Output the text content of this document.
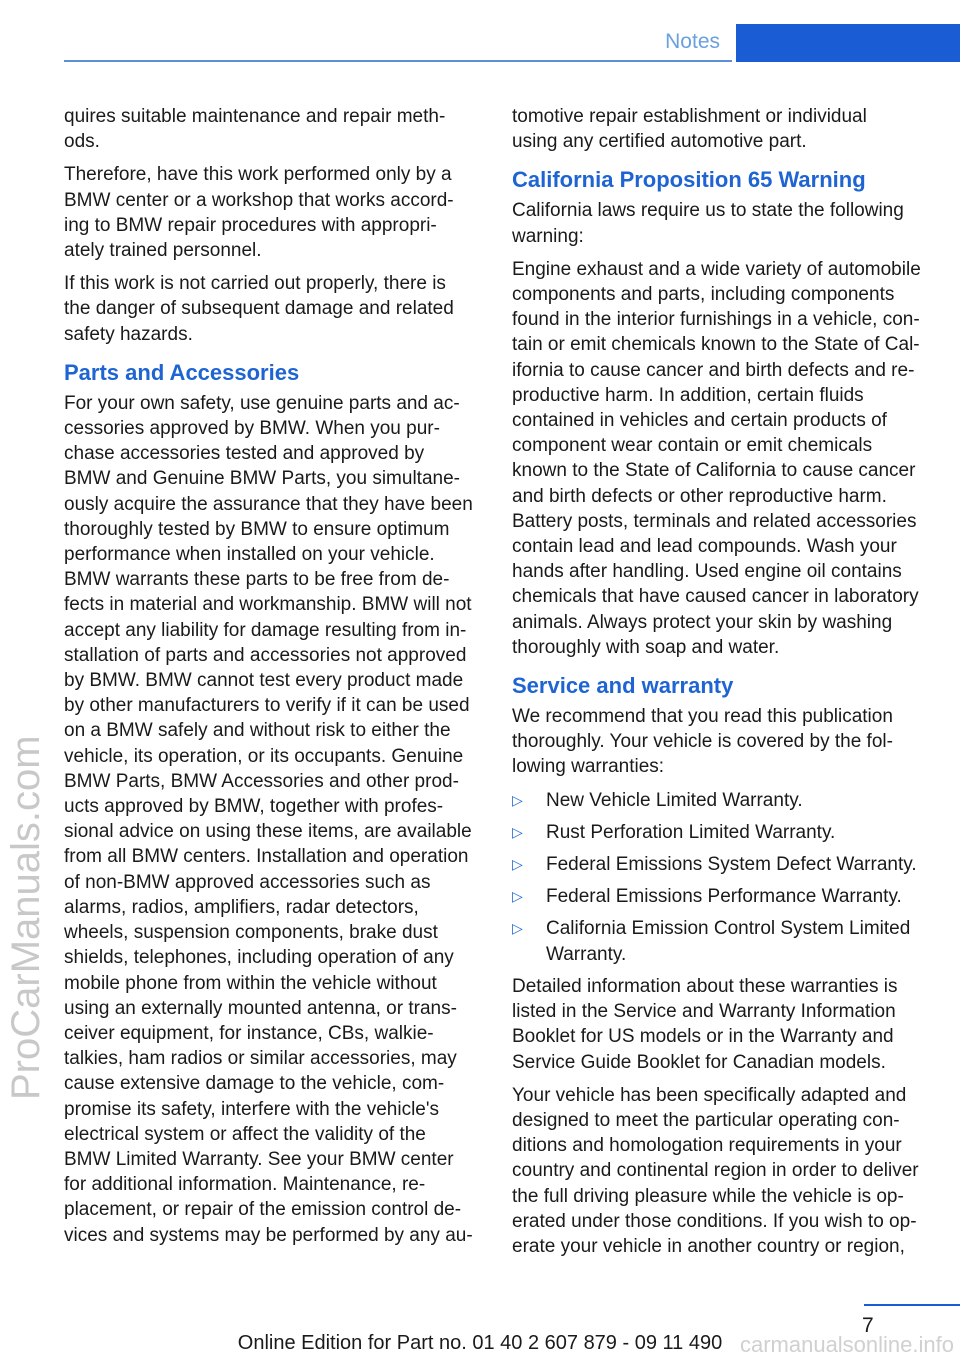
Notes
ProCarManuals.com

quires suitable maintenance and repair meth‐
ods.

Therefore, have this work performed only by a
BMW center or a workshop that works accord‐
ing to BMW repair procedures with appropri‐
ately trained personnel.

If this work is not carried out properly, there is
the danger of subsequent damage and related
safety hazards.

Parts and Accessories

For your own safety, use genuine parts and ac‐
cessories approved by BMW. When you pur‐
chase accessories tested and approved by
BMW and Genuine BMW Parts, you simultane‐
ously acquire the assurance that they have been
thoroughly tested by BMW to ensure optimum
performance when installed on your vehicle.
BMW warrants these parts to be free from de‐
fects in material and workmanship. BMW will not
accept any liability for damage resulting from in‐
stallation of parts and accessories not approved
by BMW. BMW cannot test every product made
by other manufacturers to verify if it can be used
on a BMW safely and without risk to either the
vehicle, its operation, or its occupants. Genuine
BMW Parts, BMW Accessories and other prod‐
ucts approved by BMW, together with profes‐
sional advice on using these items, are available
from all BMW centers. Installation and operation
of non-BMW approved accessories such as
alarms, radios, amplifiers, radar detectors,
wheels, suspension components, brake dust
shields, telephones, including operation of any
mobile phone from within the vehicle without
using an externally mounted antenna, or trans‐
ceiver equipment, for instance, CBs, walkie-
talkies, ham radios or similar accessories, may
cause extensive damage to the vehicle, com‐
promise its safety, interfere with the vehicle's
electrical system or affect the validity of the
BMW Limited Warranty. See your BMW center
for additional information. Maintenance, re‐
placement, or repair of the emission control de‐
vices and systems may be performed by any au‐

tomotive repair establishment or individual
using any certified automotive part.

California Proposition 65 Warning

California laws require us to state the following
warning:

Engine exhaust and a wide variety of automobile
components and parts, including components
found in the interior furnishings in a vehicle, con‐
tain or emit chemicals known to the State of Cal‐
ifornia to cause cancer and birth defects and re‐
productive harm. In addition, certain fluids
contained in vehicles and certain products of
component wear contain or emit chemicals
known to the State of California to cause cancer
and birth defects or other reproductive harm.
Battery posts, terminals and related accessories
contain lead and lead compounds. Wash your
hands after handling. Used engine oil contains
chemicals that have caused cancer in laboratory
animals. Always protect your skin by washing
thoroughly with soap and water.

Service and warranty

We recommend that you read this publication
thoroughly. Your vehicle is covered by the fol‐
lowing warranties:

▷ New Vehicle Limited Warranty.
▷ Rust Perforation Limited Warranty.
▷ Federal Emissions System Defect Warranty.
▷ Federal Emissions Performance Warranty.
▷ California Emission Control System Limited
Warranty.

Detailed information about these warranties is
listed in the Service and Warranty Information
Booklet for US models or in the Warranty and
Service Guide Booklet for Canadian models.

Your vehicle has been specifically adapted and
designed to meet the particular operating con‐
ditions and homologation requirements in your
country and continental region in order to deliver
the full driving pleasure while the vehicle is op‐
erated under those conditions. If you wish to op‐
erate your vehicle in another country or region,

7
Online Edition for Part no. 01 40 2 607 879 - 09 11 490 carmanualsonline.info
